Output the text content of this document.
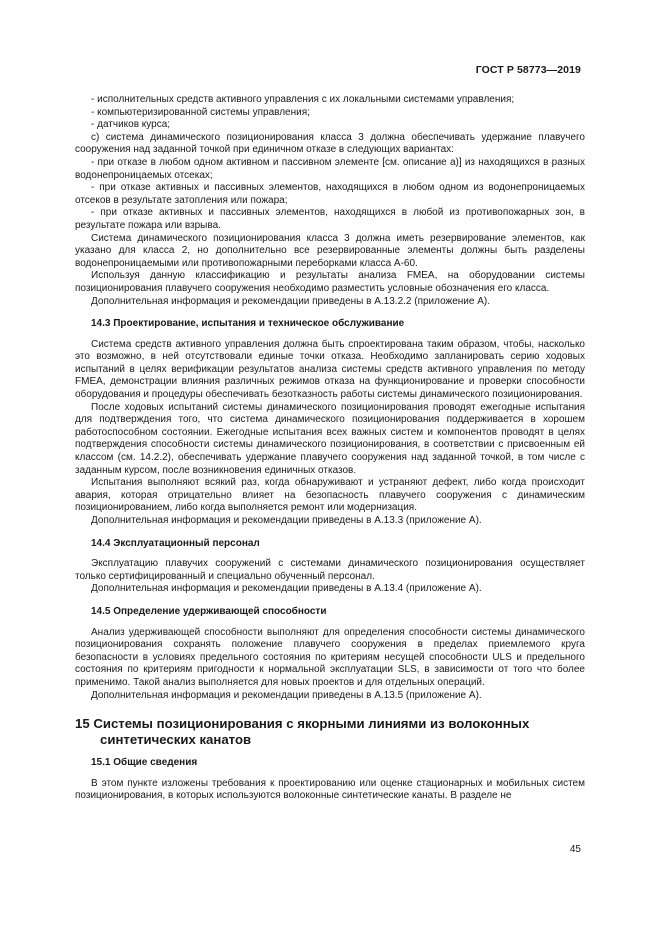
ГОСТ Р 58773—2019

- исполнительных средств активного управления с их локальными системами управления;

- компьютеризированной системы управления;

- датчиков курса;

c) система динамического позиционирования класса 3 должна обеспечивать удержание плавучего сооружения над заданной точкой при единичном отказе в следующих вариантах:

- при отказе в любом одном активном и пассивном элементе [см. описание а)] из находящихся в разных водонепроницаемых отсеках;

- при отказе активных и пассивных элементов, находящихся в любом одном из водонепроницаемых отсеков в результате затопления или пожара;

- при отказе активных и пассивных элементов, находящихся в любой из противопожарных зон, в результате пожара или взрыва.

Система динамического позиционирования класса 3 должна иметь резервирование элементов, как указано для класса 2, но дополнительно все резервированные элементы должны быть разделены водонепроницаемыми или противопожарными переборками класса А-60.

Используя данную классификацию и результаты анализа FMEA, на оборудовании системы позиционирования плавучего сооружения необходимо разместить условные обозначения его класса.

Дополнительная информация и рекомендации приведены в А.13.2.2 (приложение А).

14.3 Проектирование, испытания и техническое обслуживание

Система средств активного управления должна быть спроектирована таким образом, чтобы, насколько это возможно, в ней отсутствовали единые точки отказа. Необходимо запланировать серию ходовых испытаний в целях верификации результатов анализа системы средств активного управления по методу FMEA, демонстрации влияния различных режимов отказа на функционирование и проверки способности оборудования и процедуры обеспечивать безотказность работы системы динамического позиционирования.

После ходовых испытаний системы динамического позиционирования проводят ежегодные испытания для подтверждения того, что система динамического позиционирования поддерживается в хорошем работоспособном состоянии. Ежегодные испытания всех важных систем и компонентов проводят в целях подтверждения способности системы динамического позиционирования, в соответствии с присвоенным ей классом (см. 14.2.2), обеспечивать удержание плавучего сооружения над заданной точкой, в том числе с заданным курсом, после возникновения единичных отказов.

Испытания выполняют всякий раз, когда обнаруживают и устраняют дефект, либо когда происходит авария, которая отрицательно влияет на безопасность плавучего сооружения с динамическим позиционированием, либо когда выполняется ремонт или модернизация.

Дополнительная информация и рекомендации приведены в А.13.3 (приложение А).

14.4 Эксплуатационный персонал

Эксплуатацию плавучих сооружений с системами динамического позиционирования осуществляет только сертифицированный и специально обученный персонал.

Дополнительная информация и рекомендации приведены в А.13.4 (приложение А).

14.5 Определение удерживающей способности

Анализ удерживающей способности выполняют для определения способности системы динамического позиционирования сохранять положение плавучего сооружения в пределах приемлемого круга безопасности в условиях предельного состояния по критериям несущей способности ULS и предельного состояния по критериям пригодности к нормальной эксплуатации SLS, в зависимости от того что более применимо. Такой анализ выполняется для новых проектов и для отдельных операций.

Дополнительная информация и рекомендации приведены в А.13.5 (приложение А).

15 Системы позиционирования с якорными линиями из волоконных
синтетических канатов
15.1 Общие сведения

В этом пункте изложены требования к проектированию или оценке стационарных и мобильных систем позиционирования, в которых используются волоконные синтетические канаты. В разделе не

45
